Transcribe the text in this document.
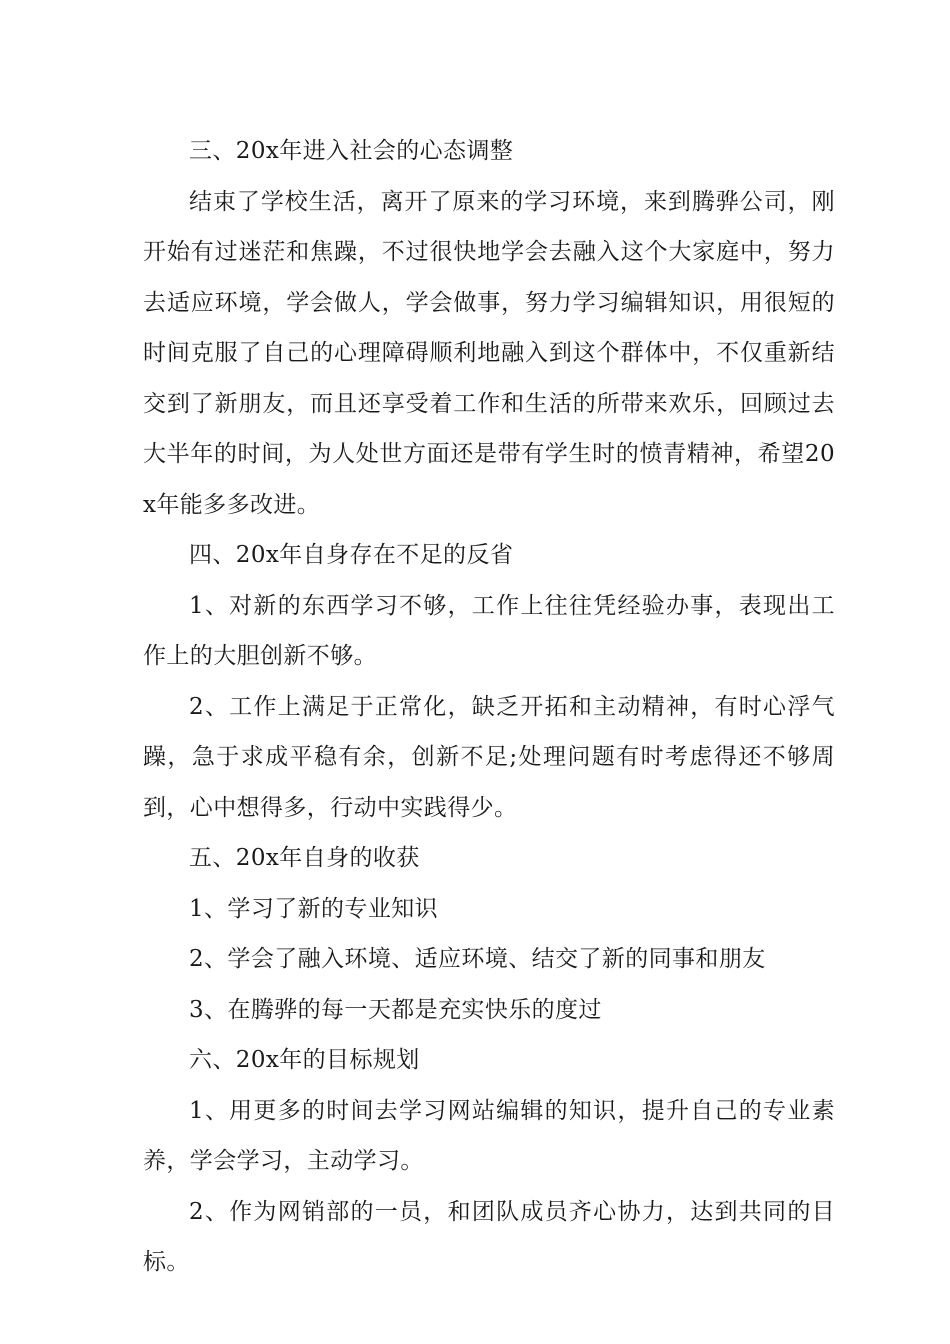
三、20x年进入社会的心态调整

结束了学校生活，离开了原来的学习环境，来到腾骅公司，刚开始有过迷茫和焦躁，不过很快地学会去融入这个大家庭中，努力去适应环境，学会做人，学会做事，努力学习编辑知识，用很短的时间克服了自己的心理障碍顺利地融入到这个群体中，不仅重新结交到了新朋友，而且还享受着工作和生活的所带来欢乐，回顾过去大半年的时间，为人处世方面还是带有学生时的愤青精神，希望20x年能多多改进。

四、20x年自身存在不足的反省

1、对新的东西学习不够，工作上往往凭经验办事，表现出工作上的大胆创新不够。

2、工作上满足于正常化，缺乏开拓和主动精神，有时心浮气躁，急于求成平稳有余，创新不足;处理问题有时考虑得还不够周到，心中想得多，行动中实践得少。

五、20x年自身的收获

1、学习了新的专业知识

2、学会了融入环境、适应环境、结交了新的同事和朋友

3、在腾骅的每一天都是充实快乐的度过

六、20x年的目标规划

1、用更多的时间去学习网站编辑的知识，提升自己的专业素养，学会学习，主动学习。

2、作为网销部的一员，和团队成员齐心协力，达到共同的目标。
